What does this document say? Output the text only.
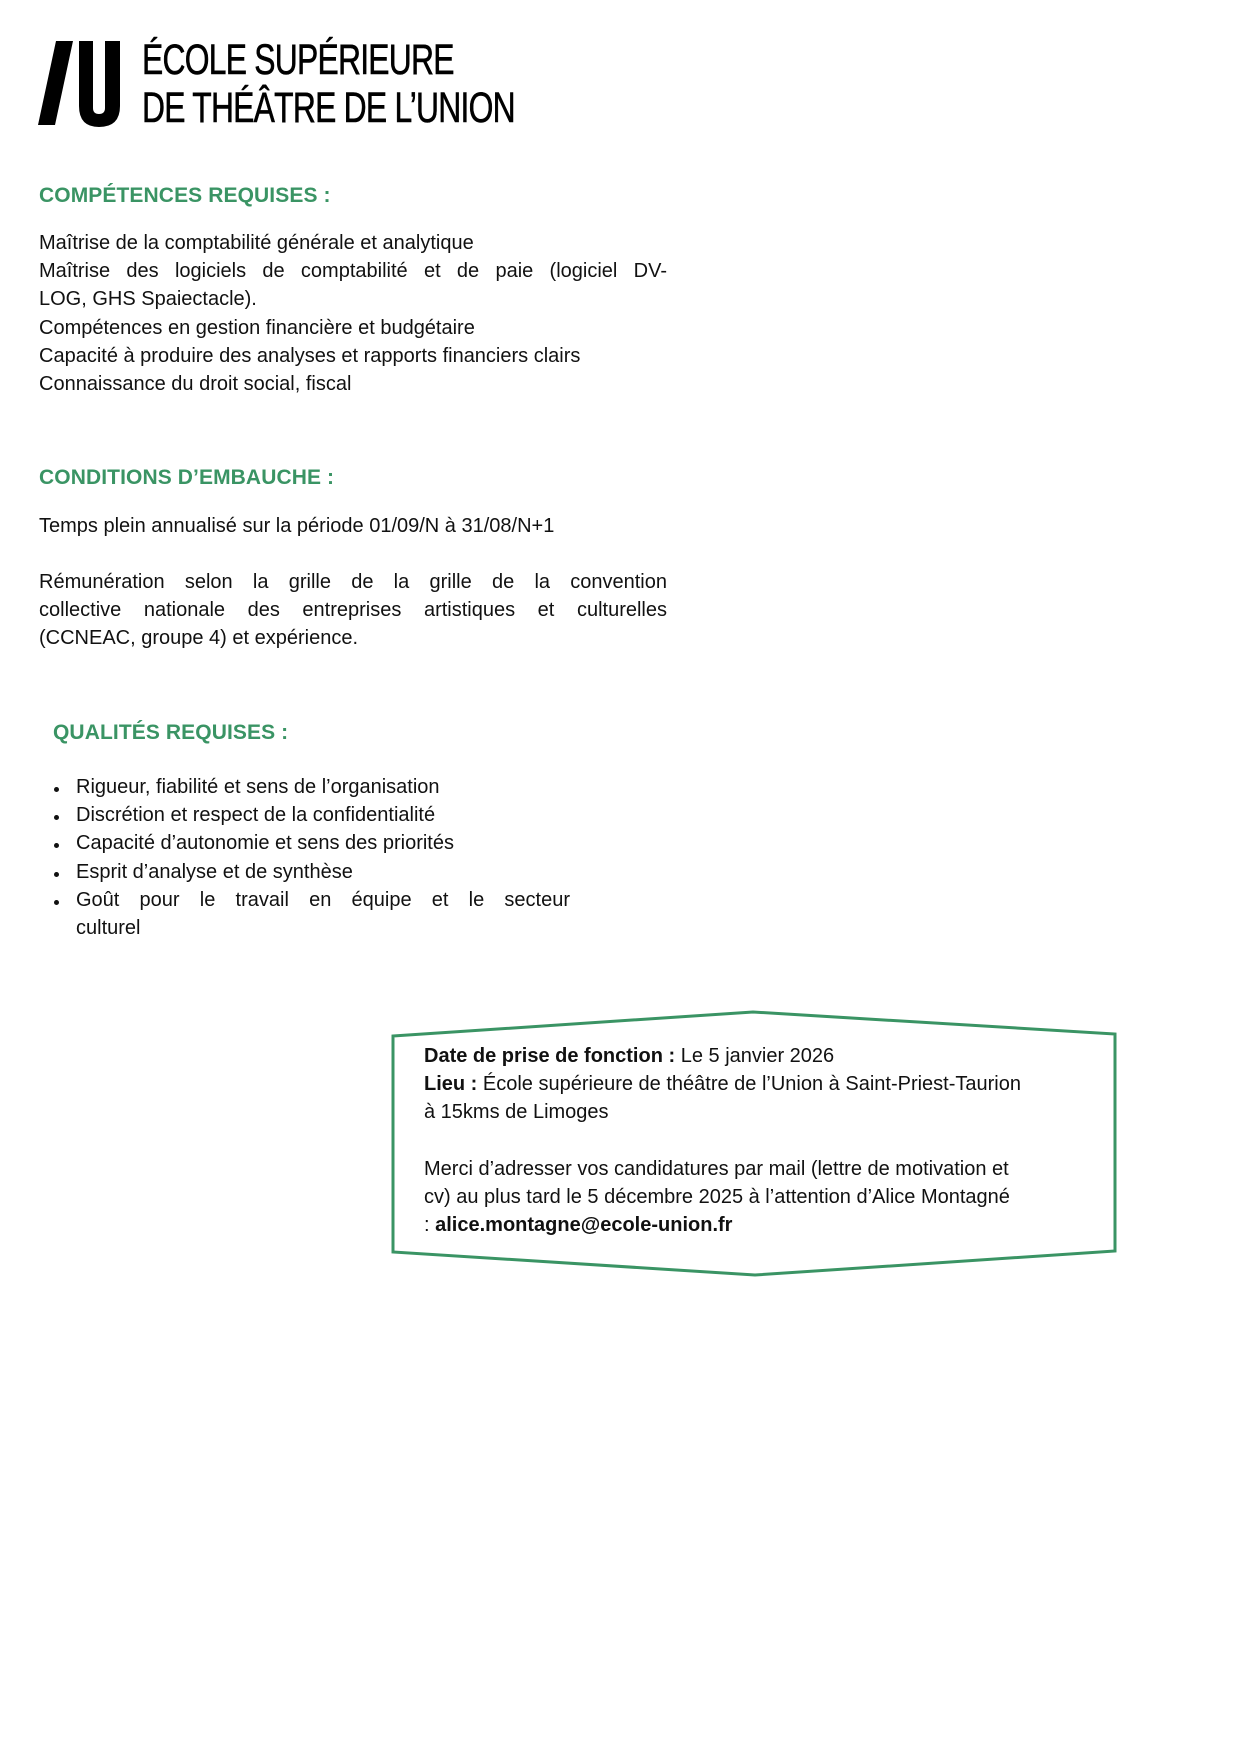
ÉCOLE SUPÉRIEURE
DE THÉÂTRE DE L’UNION
COMPÉTENCES REQUISES :
Maîtrise de la comptabilité générale et analytique
Maîtrise des logiciels de comptabilité et de paie (logiciel DV-
LOG, GHS Spaiectacle).
Compétences en gestion financière et budgétaire
Capacité à produire des analyses et rapports financiers clairs
Connaissance du droit social, fiscal
CONDITIONS D’EMBAUCHE :
Temps plein annualisé sur la période 01/09/N à 31/08/N+1
Rémunération selon la grille de la grille de la convention
collective nationale des entreprises artistiques et culturelles
(CCNEAC, groupe 4) et expérience.
QUALITÉS REQUISES :
Rigueur, fiabilité et sens de l’organisation
Discrétion et respect de la confidentialité
Capacité d’autonomie et sens des priorités
Esprit d’analyse et de synthèse
Goût pour le travail en équipe et le secteur
culturel
Date de prise de fonction : Le 5 janvier 2026
Lieu : École supérieure de théâtre de l’Union à Saint-Priest-Taurion
à 15kms de Limoges
Merci d’adresser vos candidatures par mail (lettre de motivation et
cv) au plus tard le 5 décembre 2025 à l’attention d’Alice Montagné
: alice.montagne@ecole-union.fr
